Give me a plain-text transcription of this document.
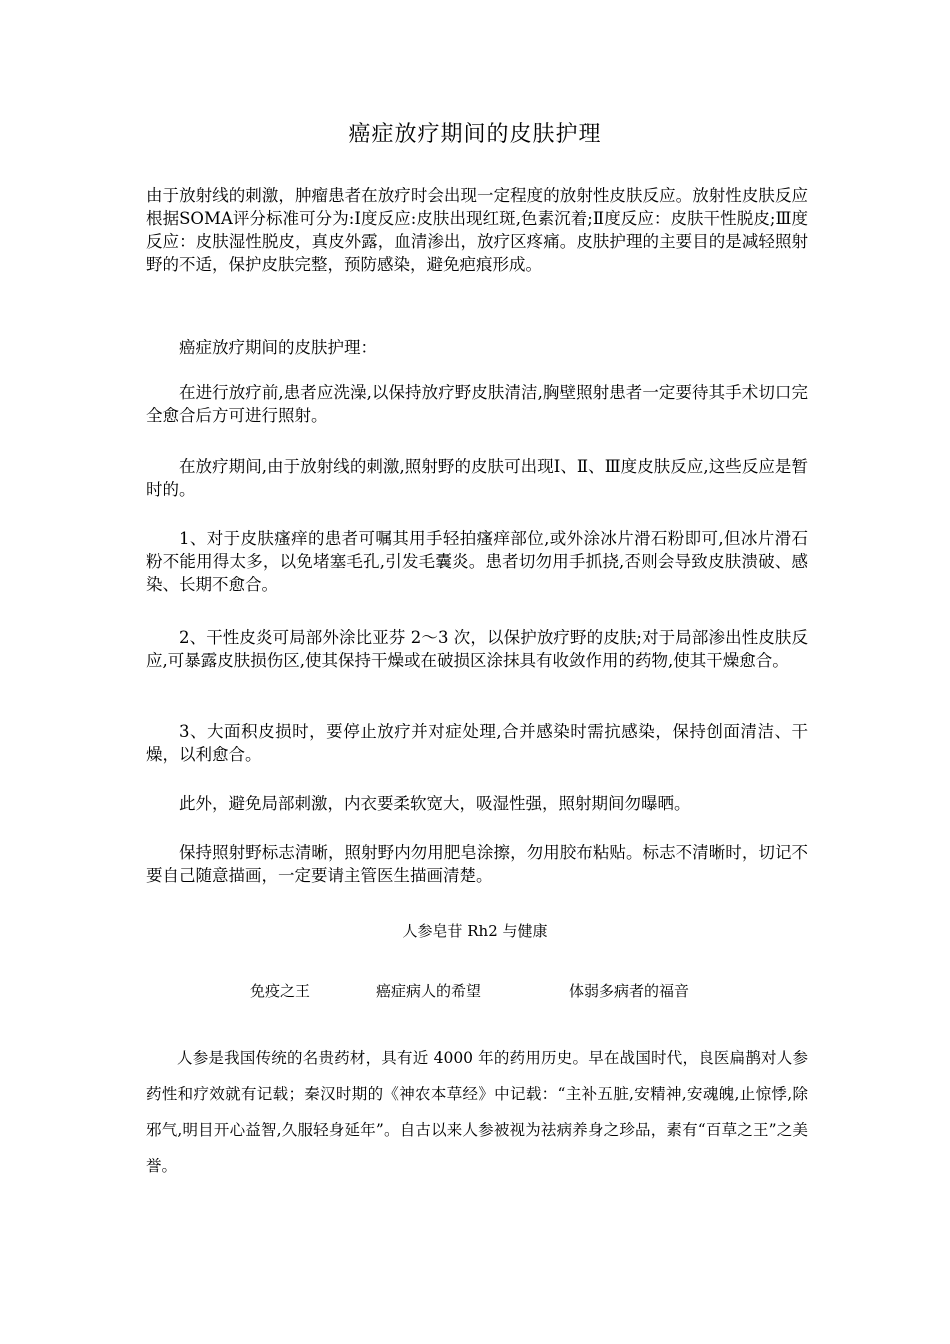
癌症放疗期间的皮肤护理

由于放射线的刺激，肿瘤患者在放疗时会出现一定程度的放射性皮肤反应。放射性皮肤反应根据SOMA评分标准可分为:Ⅰ度反应:皮肤出现红斑,色素沉着;Ⅱ度反应：皮肤干性脱皮;Ⅲ度反应：皮肤湿性脱皮，真皮外露，血清渗出，放疗区疼痛。皮肤护理的主要目的是减轻照射野的不适，保护皮肤完整，预防感染，避免疤痕形成。

癌症放疗期间的皮肤护理：

在进行放疗前,患者应洗澡,以保持放疗野皮肤清洁,胸壁照射患者一定要待其手术切口完全愈合后方可进行照射。

在放疗期间,由于放射线的刺激,照射野的皮肤可出现Ⅰ、Ⅱ、Ⅲ度皮肤反应,这些反应是暂时的。

1、对于皮肤瘙痒的患者可嘱其用手轻拍瘙痒部位,或外涂冰片滑石粉即可,但冰片滑石粉不能用得太多，以免堵塞毛孔,引发毛囊炎。患者切勿用手抓挠,否则会导致皮肤溃破、感染、长期不愈合。

2、干性皮炎可局部外涂比亚芬 2～3 次，以保护放疗野的皮肤;对于局部渗出性皮肤反应,可暴露皮肤损伤区,使其保持干燥或在破损区涂抹具有收敛作用的药物,使其干燥愈合。

3、大面积皮损时，要停止放疗并对症处理,合并感染时需抗感染，保持创面清洁、干燥，以利愈合。

此外，避免局部刺激，内衣要柔软宽大，吸湿性强，照射期间勿曝晒。

保持照射野标志清晰，照射野内勿用肥皂涂擦，勿用胶布粘贴。标志不清晰时，切记不要自己随意描画，一定要请主管医生描画清楚。

人参皂苷 Rh2 与健康
免疫之王	癌症病人的希望	体弱多病者的福音

人参是我国传统的名贵药材，具有近 4000 年的药用历史。早在战国时代，良医扁鹊对人参药性和疗效就有记载；秦汉时期的《神农本草经》中记载：“主补五脏,安精神,安魂魄,止惊悸,除邪气,明目开心益智,久服轻身延年”。自古以来人参被视为祛病养身之珍品，素有“百草之王”之美誉。
